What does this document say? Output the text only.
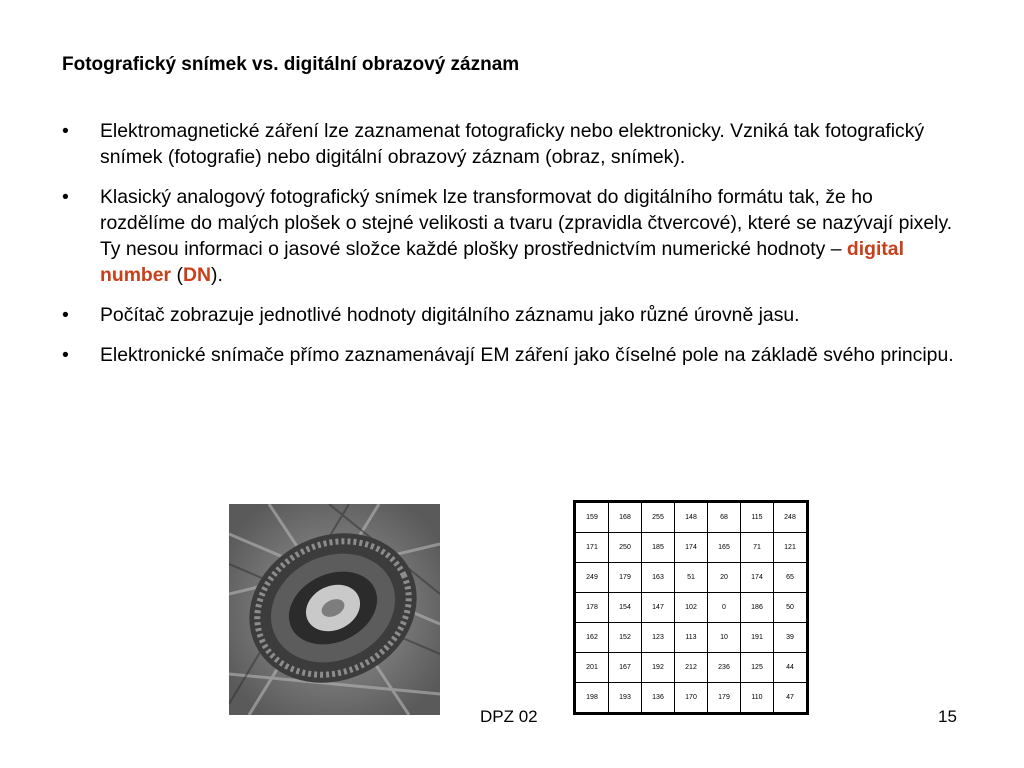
Fotografický snímek vs. digitální obrazový záznam
• Elektromagnetické záření lze zaznamenat fotograficky nebo elektronicky. Vzniká tak fotografický snímek (fotografie) nebo digitální obrazový záznam (obraz, snímek).
• Klasický analogový fotografický snímek lze transformovat do digitálního formátu tak, že ho rozdělíme do malých plošek o stejné velikosti a tvaru (zpravidla čtvercové), které se nazývají pixely. Ty nesou informaci o jasové složce každé plošky prostřednictvím numerické hodnoty – digital number (DN).
• Počítač zobrazuje jednotlivé hodnoty digitálního záznamu jako různé úrovně jasu.
• Elektronické snímače přímo zaznamenávají EM záření jako číselné pole na základě svého principu.
159	168	255	148	68	115	248
171	250	185	174	165	71	121
249	179	163	51	20	174	65
178	154	147	102	0	186	50
162	152	123	113	10	191	39
201	167	192	212	236	125	44
198	193	136	170	179	110	47
DPZ 02	15
